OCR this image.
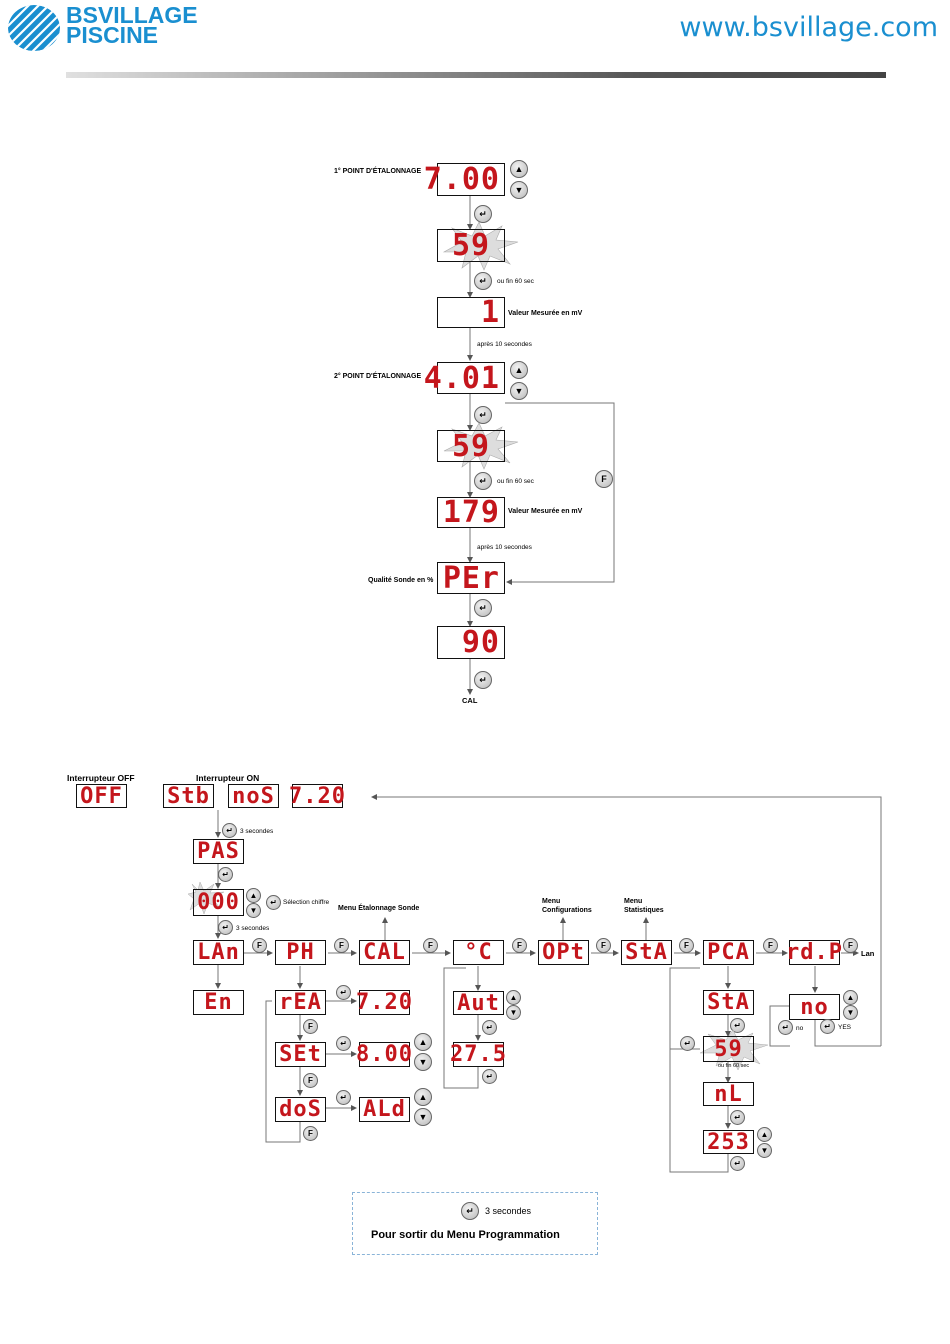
BSVILLAGE
PISCINE	www.bsvillage.com
1° POINT D'ÉTALONNAGE 7.00	▲
▼
↵
59
↵	ou fin 60 sec
1	Valeur Mesurée en mV
après 10 secondes
2° POINT D'ÉTALONNAGE 4.01	▲
▼
↵
59
↵	ou fin 60 sec	F
179	Valeur Mesurée en mV
après 10 secondes
Qualité Sonde en % PEr
↵
90
↵
CAL
Interrupteur OFF	Interrupteur ON
OFF Stb noS 7.20
↵	3 secondes
PAS
↵
000	▲
▼
↵ Sélection chiffre
↵	3 secondes
LAn	F	PH	F CAL	F	°C	F OPt	F StA	F PCA	F rd.P F
Lan
Menu Étalonnage Sonde
Menu Configurations
Menu Statistiques
En	rEA	↵ 7.20
F
SEt	↵ 8.00 ▲
▼
F
doS	↵ ALd	▲
▼
F
Aut	▲
▼
↵
27.5
↵
StA
↵
59
↵
ou fin 60 sec
nL
↵
253	▲
▼
↵
no	▲
▼
↵	no	↵	YES
↵	3 secondes
Pour sortir du Menu Programmation
